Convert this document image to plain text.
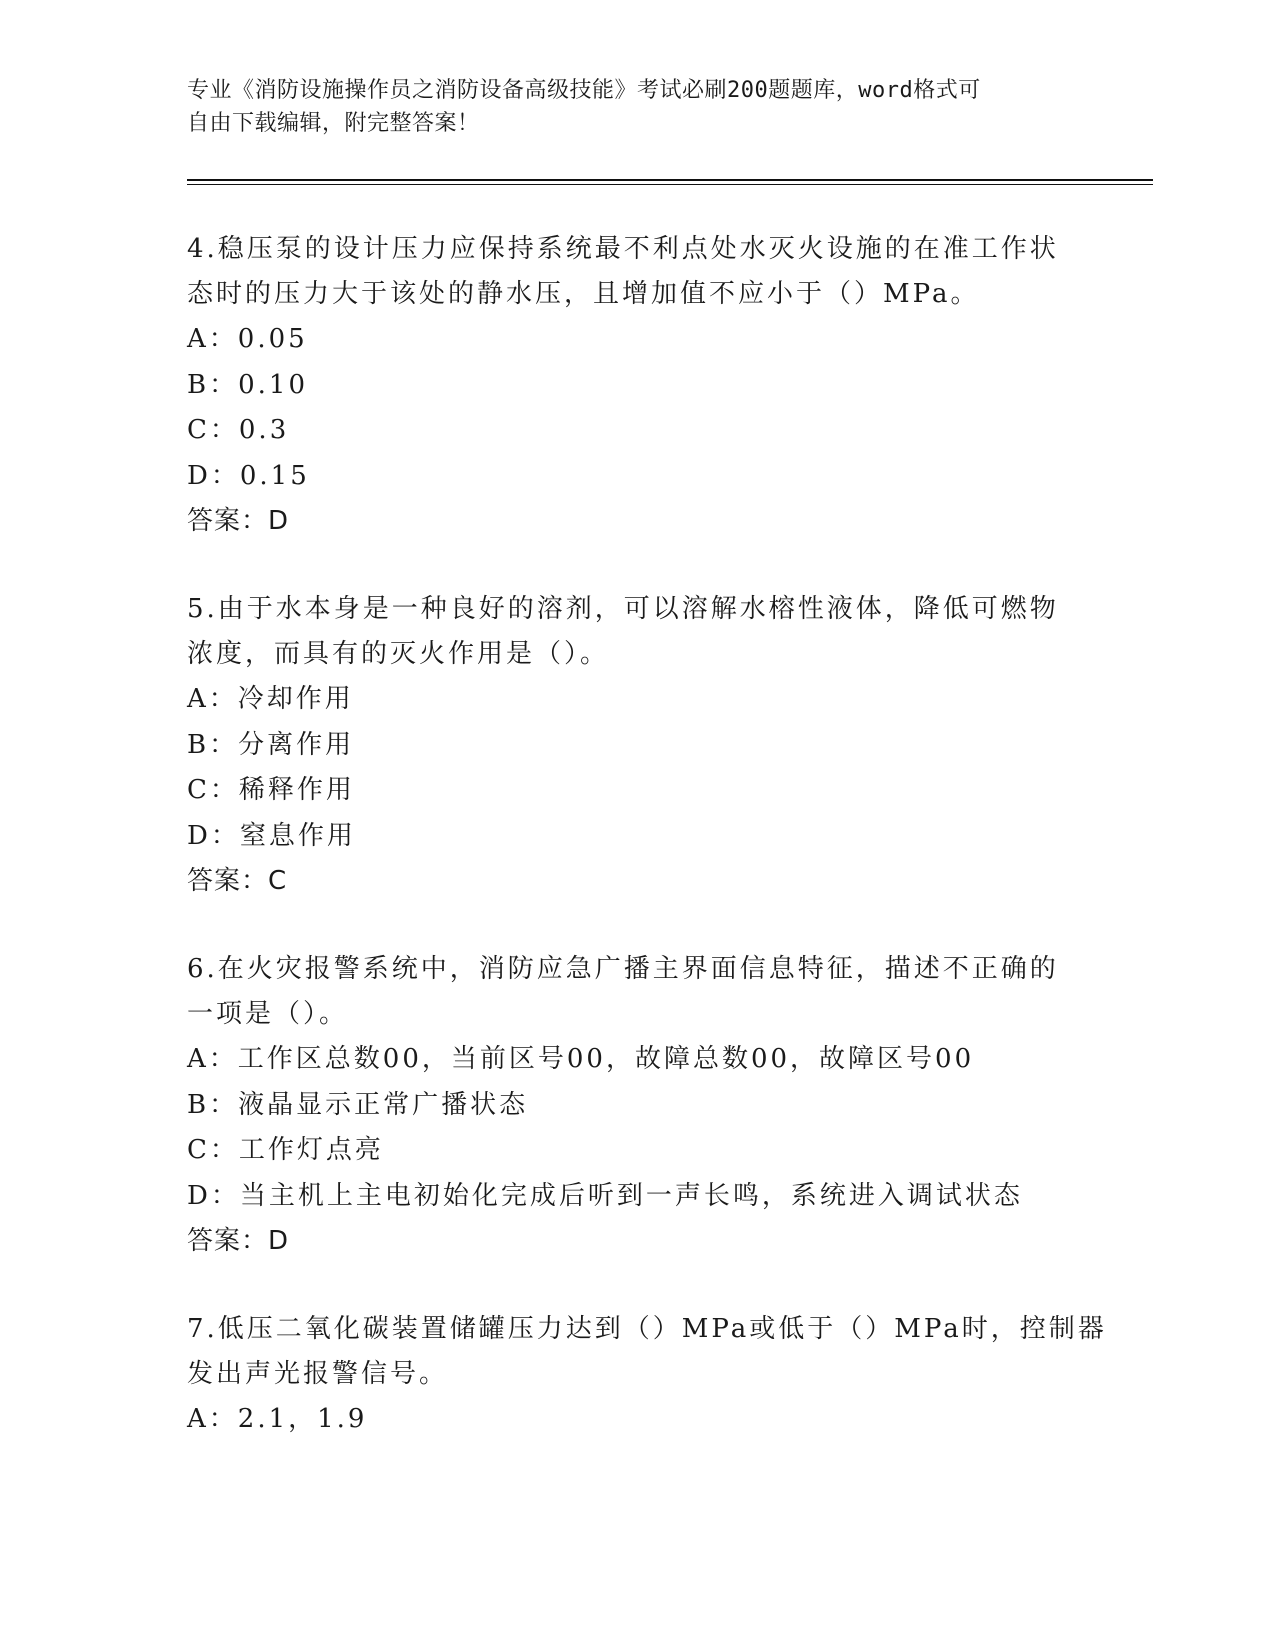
专业《消防设施操作员之消防设备高级技能》考试必刷200题题库，word格式可
自由下载编辑，附完整答案！
4.稳压泵的设计压力应保持系统最不利点处水灭火设施的在准工作状
态时的压力大于该处的静水压，且增加值不应小于（）MPa。
A：0.05
B：0.10
C：0.3
D：0.15
答案：D
5.由于水本身是一种良好的溶剂，可以溶解水榕性液体，降低可燃物
浓度，而具有的灭火作用是（）。
A：冷却作用
B：分离作用
C：稀释作用
D：窒息作用
答案：C
6.在火灾报警系统中，消防应急广播主界面信息特征，描述不正确的
一项是（）。
A：工作区总数00，当前区号00，故障总数00，故障区号00
B：液晶显示正常广播状态
C：工作灯点亮
D：当主机上主电初始化完成后听到一声长鸣，系统进入调试状态
答案：D
7.低压二氧化碳装置储罐压力达到（）MPa或低于（）MPa时，控制器
发出声光报警信号。
A：2.1，1.9
